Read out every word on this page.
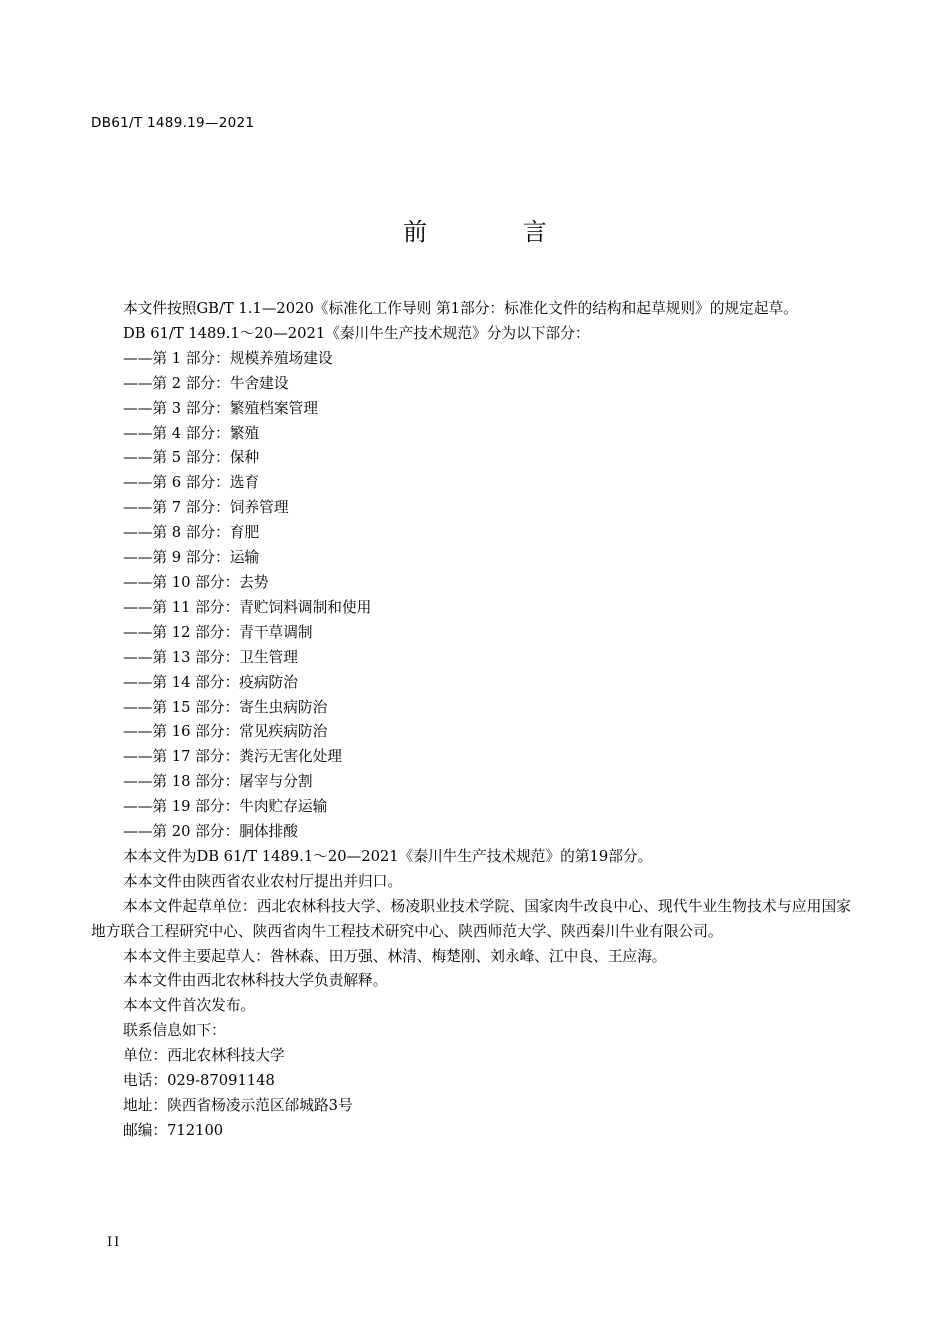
DB61/T 1489.19—2021
前 言

本文件按照GB/T 1.1—2020《标准化工作导则 第1部分：标准化文件的结构和起草规则》的规定起草。

DB 61/T 1489.1～20—2021《秦川牛生产技术规范》分为以下部分：

——第 1 部分：规模养殖场建设

——第 2 部分：牛舍建设

——第 3 部分：繁殖档案管理

——第 4 部分：繁殖

——第 5 部分：保种

——第 6 部分：选育

——第 7 部分：饲养管理

——第 8 部分：育肥

——第 9 部分：运输

——第 10 部分：去势

——第 11 部分：青贮饲料调制和使用

——第 12 部分：青干草调制

——第 13 部分：卫生管理

——第 14 部分：疫病防治

——第 15 部分：寄生虫病防治

——第 16 部分：常见疾病防治

——第 17 部分：粪污无害化处理

——第 18 部分：屠宰与分割

——第 19 部分：牛肉贮存运输

——第 20 部分：胴体排酸

本本文件为DB 61/T 1489.1～20—2021《秦川牛生产技术规范》的第19部分。

本本文件由陕西省农业农村厅提出并归口。

本本文件起草单位：西北农林科技大学、杨凌职业技术学院、国家肉牛改良中心、现代牛业生物技术与应用国家地方联合工程研究中心、陕西省肉牛工程技术研究中心、陕西师范大学、陕西秦川牛业有限公司。

本本文件主要起草人：昝林森、田万强、林清、梅楚刚、刘永峰、江中良、王应海。

本本文件由西北农林科技大学负责解释。

本本文件首次发布。

联系信息如下：

单位：西北农林科技大学

电话：029-87091148

地址：陕西省杨凌示范区邰城路3号

邮编：712100

II
